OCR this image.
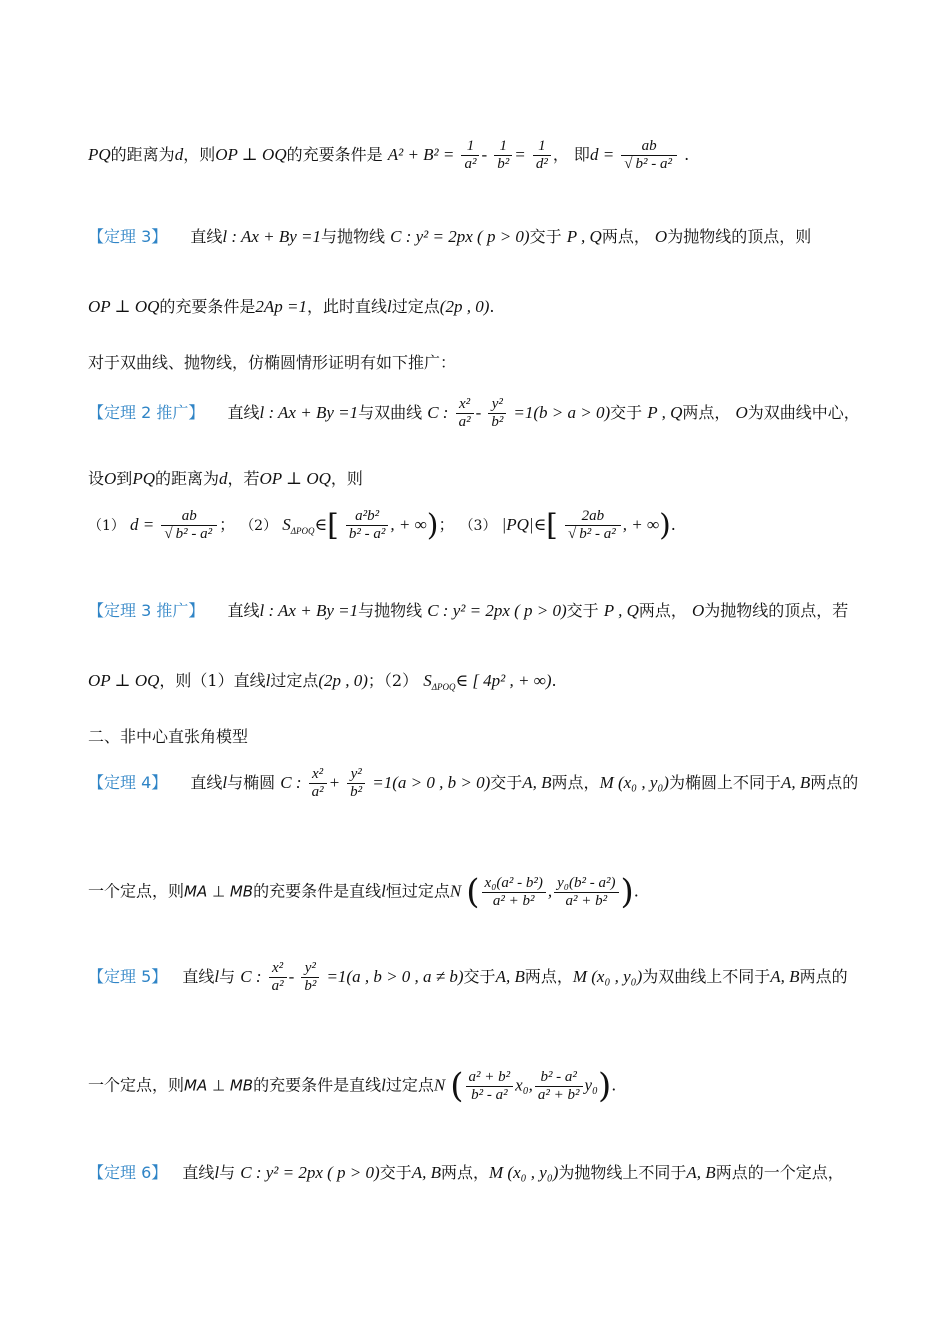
PQ的距离为d，则OP ⊥ OQ的充要条件是 $A^2 + B^2 = \frac{1}{\text{a²}} - \frac{1}{\text{b²}} = \frac{1}{\text{d²}}$ ， 即$d = \frac{ab}{\text{√ b² - a²}}$ .
【定理 3】 直线l : Ax + By =1与抛物线 C : y² = 2px ( p > 0)交于 P , Q两点， O为抛物线的顶点，则
OP ⊥ OQ的充要条件是2Ap =1，此时直线l过定点(2p , 0).
对于双曲线、抛物线，仿椭圆情形证明有如下推广：
【定理 2 推广】 直线l : Ax + By =1与双曲线 C : $\frac{\text{x²}}{\text{a²}} - \frac{\text{y²}}{\text{b²}} =1(b > a > 0)$交于 P , Q两点， O为双曲线中心，
设O到PQ的距离为d，若OP ⊥ OQ，则
（1） $d = \frac{ab}{\text{√ b² - a²}}$ ； （2） $S_{\Delta POQ}\in[ \frac{\text{a²b²}}{\text{b² - a²}}$ , + ∞)； （3） |PQ|∈[ $\frac{2ab}{\text{√ b² - a²}}$ , + ∞).
【定理 3 推广】 直线l : Ax + By =1与抛物线 C : y² = 2px ( p > 0)交于 P , Q两点， O为抛物线的顶点，若
OP ⊥ OQ，则（1）直线l过定点(2p , 0)；（2） $S_{\Delta POQ}\in$ [ 4p² , + ∞).
二、非中心直张角模型
【定理 4】 直线l与椭圆 C : $\frac{\text{x²}}{\text{a²}} + \frac{\text{y²}}{\text{b²}} =1(a > 0$ , b > 0)交于A, B两点，M (x₀ , y₀)为椭圆上不同于A, B两点的
一个定点，则MA ⊥ MB的充要条件是直线l恒过定点N ( $\frac{\text{x₀(a² - b²)}}{\text{a² + b²}}$ , $\frac{\text{y₀(b² - a²)}}{\text{a² + b²}}$ ).
【定理 5】 直线l与 C : $\frac{\text{x²}}{\text{a²}} - \frac{\text{y²}}{\text{b²}} =1(a$ , b > 0 , a ≠ b)交于A, B两点，M (x₀ , y₀)为双曲线上不同于A, B两点的
一个定点，则MA ⊥ MB的充要条件是直线l过定点N ( $\frac{\text{a² + b²}}{\text{b² - a²}} x_0$, $\frac{\text{b² - a²}}{\text{a² + b²}} y_0$).
【定理 6】 直线l与 C : y² = 2px ( p > 0)交于A, B两点，M (x₀ , y₀)为抛物线上不同于A, B两点的一个定点，
